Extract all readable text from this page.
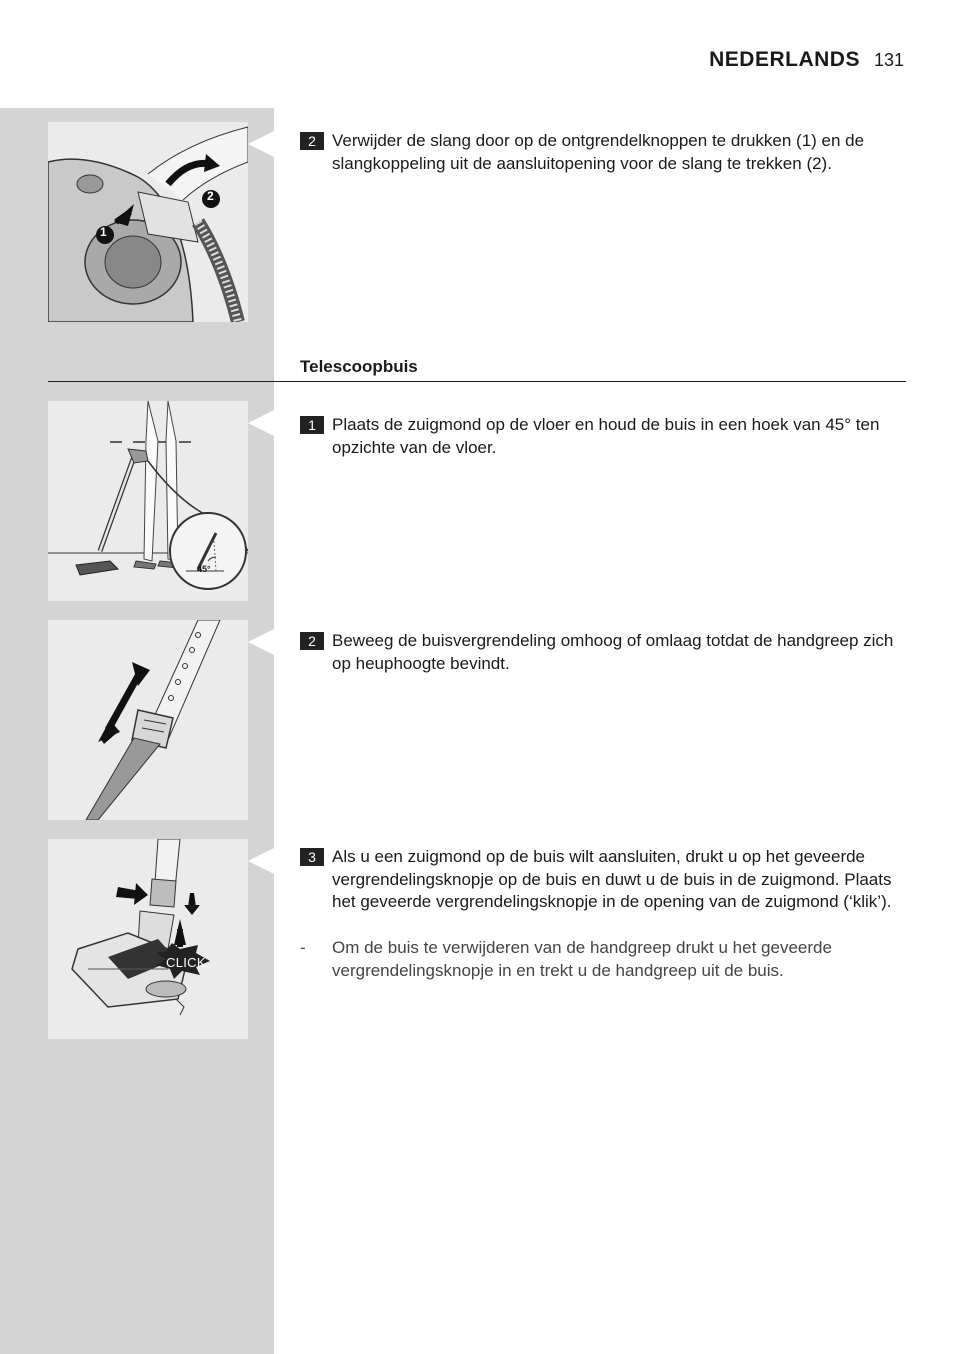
NEDERLANDS 131
1
2
2 Verwijder de slang door op de ontgrendelknoppen te drukken (1) en de slangkoppeling uit de aansluitopening voor de slang te trekken (2).
Telescoopbuis
45°
1 Plaats de zuigmond op de vloer en houd de buis in een hoek van 45° ten opzichte van de vloer.
2 Beweeg de buisvergrendeling omhoog of omlaag totdat de handgreep zich op heuphoogte bevindt.
CLICK
3 Als u een zuigmond op de buis wilt aansluiten, drukt u op het geveerde vergrendelingsknopje op de buis en duwt u de buis in de zuigmond. Plaats het geveerde vergrendelingsknopje in de opening van de zuigmond (‘klik’).
- Om de buis te verwijderen van de handgreep drukt u het geveerde vergrendelingsknopje in en trekt u de handgreep uit de buis.
